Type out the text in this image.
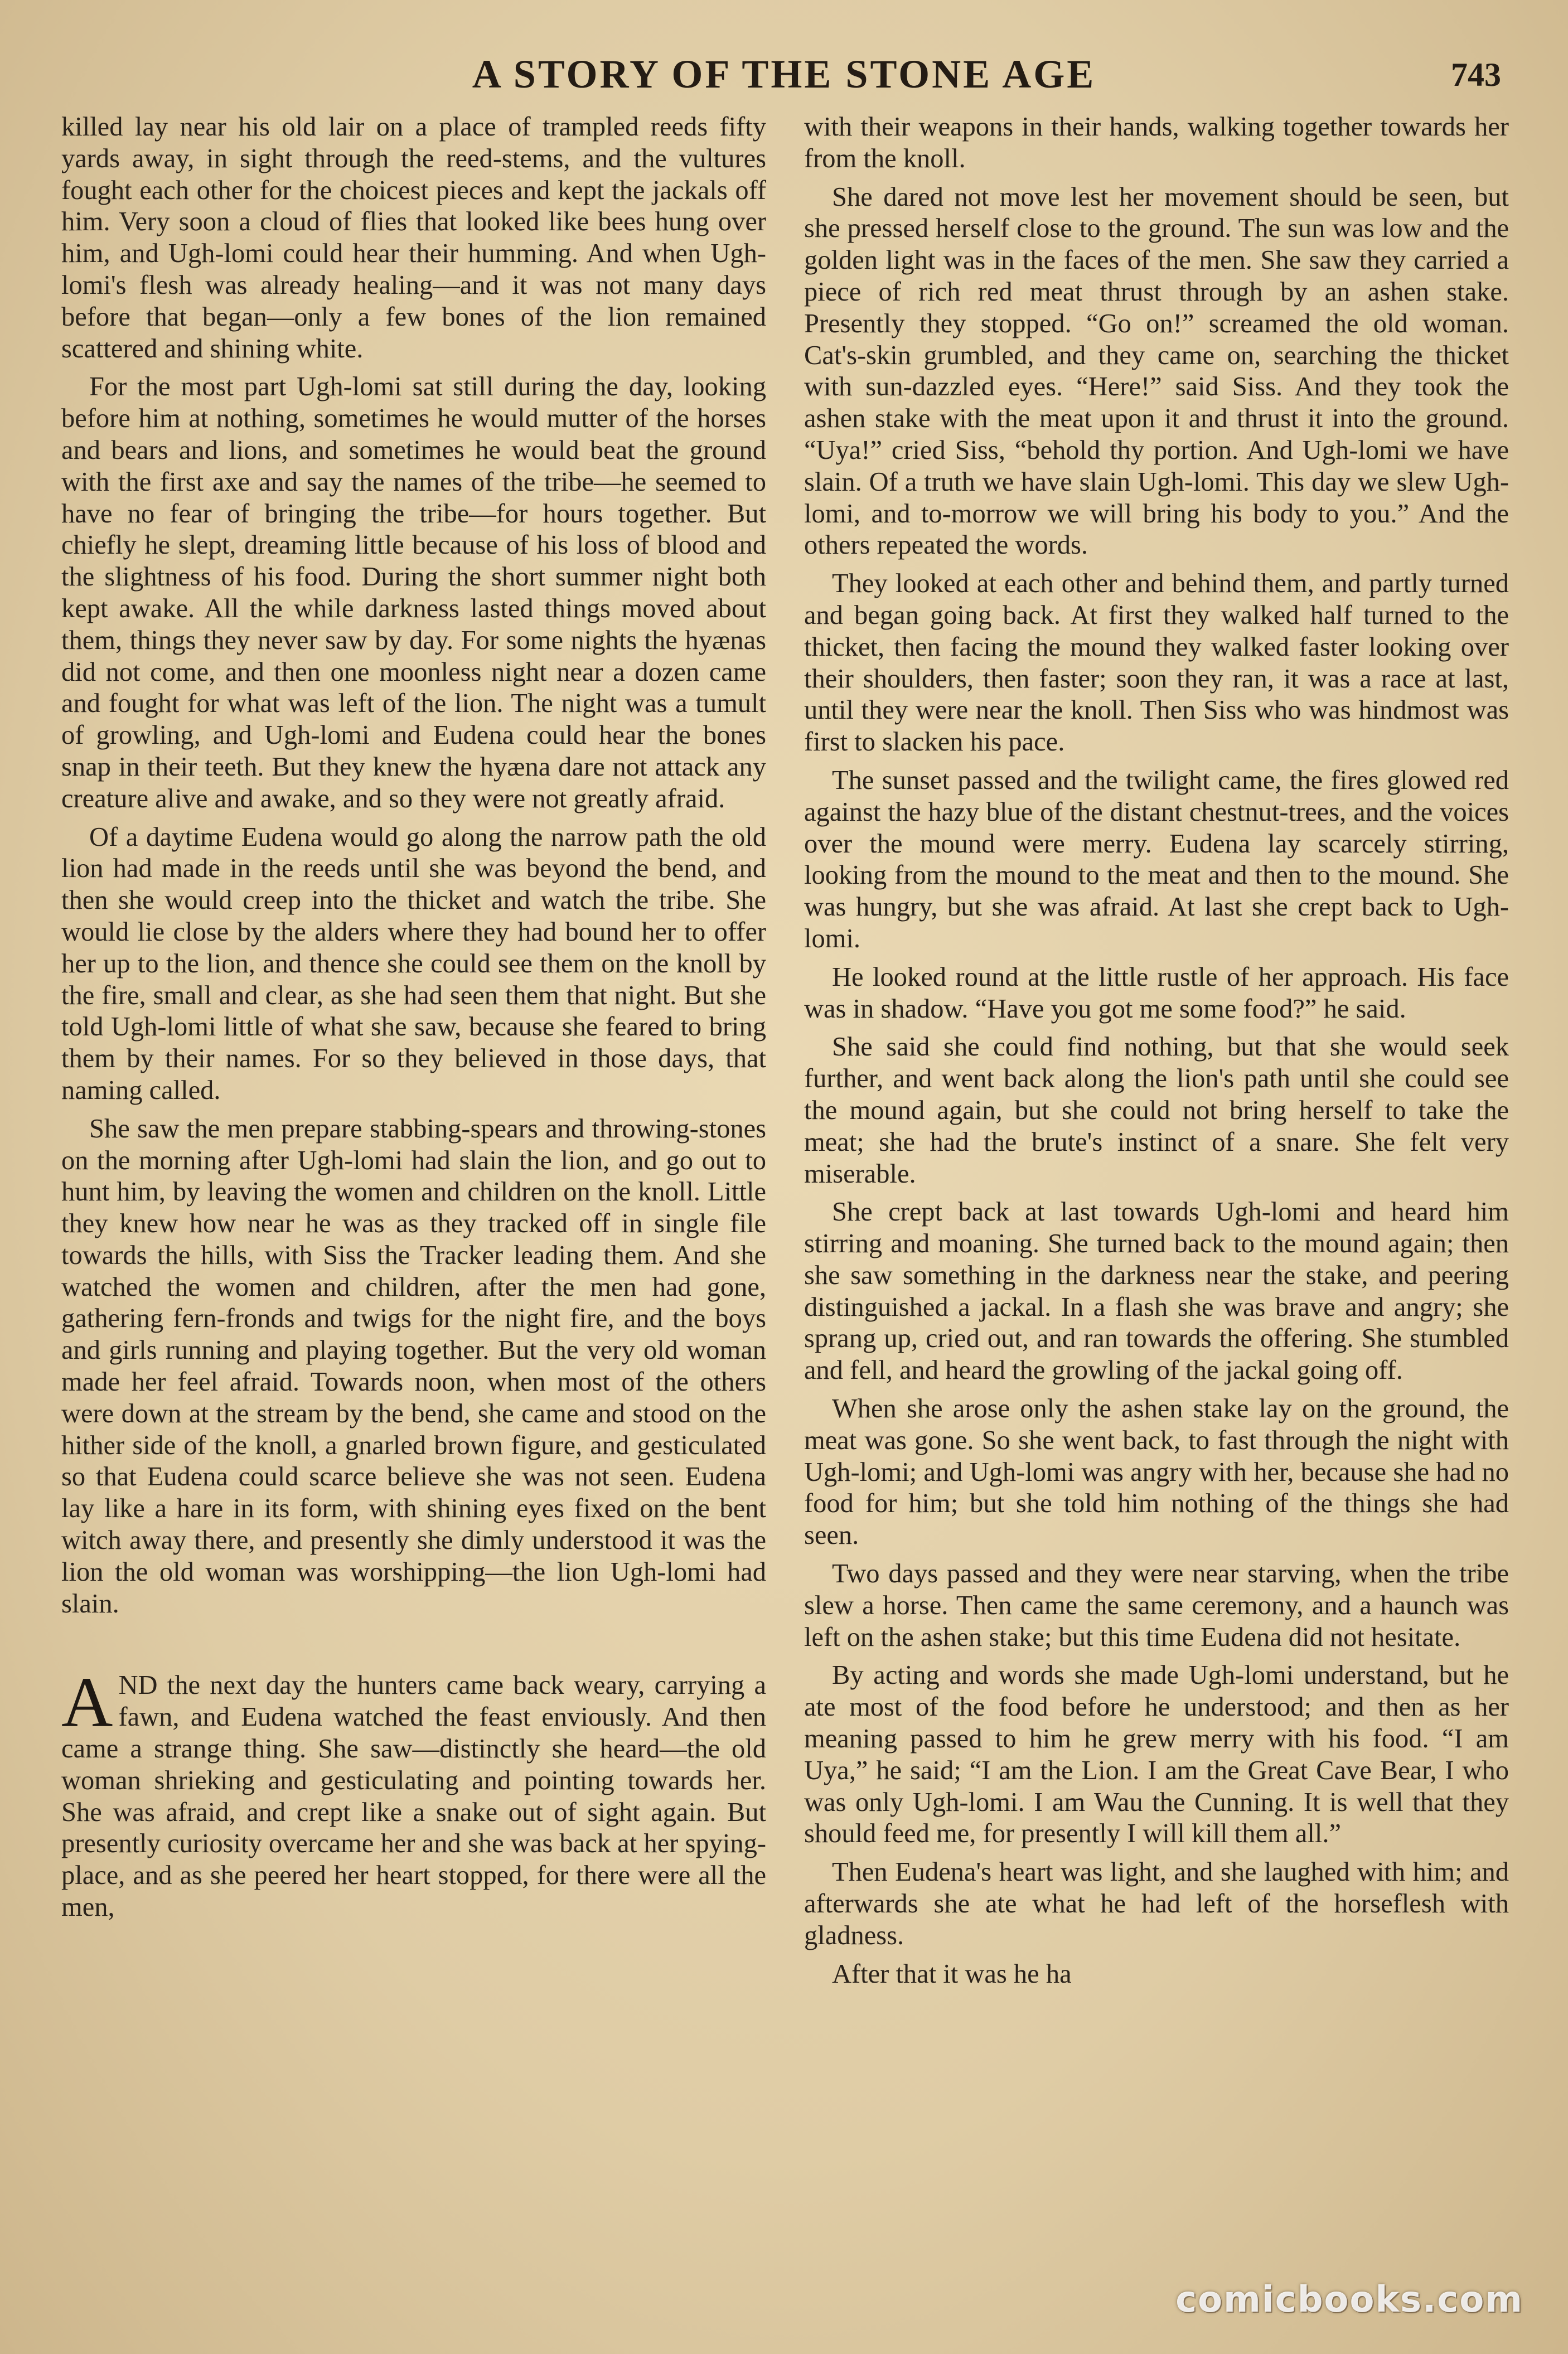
A STORY OF THE STONE AGE	743

killed lay near his old lair on a place of trampled reeds fifty yards away, in sight through the reed-stems, and the vultures fought each other for the choicest pieces and kept the jackals off him. Very soon a cloud of flies that looked like bees hung over him, and Ugh-lomi could hear their humming. And when Ugh-lomi's flesh was already healing—and it was not many days before that began—only a few bones of the lion remained scattered and shining white.

For the most part Ugh-lomi sat still during the day, looking before him at nothing, sometimes he would mutter of the horses and bears and lions, and sometimes he would beat the ground with the first axe and say the names of the tribe—he seemed to have no fear of bringing the tribe—for hours together. But chiefly he slept, dreaming little because of his loss of blood and the slightness of his food. During the short summer night both kept awake. All the while darkness lasted things moved about them, things they never saw by day. For some nights the hyænas did not come, and then one moonless night near a dozen came and fought for what was left of the lion. The night was a tumult of growling, and Ugh-lomi and Eudena could hear the bones snap in their teeth. But they knew the hyæna dare not attack any creature alive and awake, and so they were not greatly afraid.

Of a daytime Eudena would go along the narrow path the old lion had made in the reeds until she was beyond the bend, and then she would creep into the thicket and watch the tribe. She would lie close by the alders where they had bound her to offer her up to the lion, and thence she could see them on the knoll by the fire, small and clear, as she had seen them that night. But she told Ugh-lomi little of what she saw, because she feared to bring them by their names. For so they believed in those days, that naming called.

She saw the men prepare stabbing-spears and throwing-stones on the morning after Ugh-lomi had slain the lion, and go out to hunt him, by leaving the women and children on the knoll. Little they knew how near he was as they tracked off in single file towards the hills, with Siss the Tracker leading them. And she watched the women and children, after the men had gone, gathering fern-fronds and twigs for the night fire, and the boys and girls running and playing together. But the very old woman made her feel afraid. Towards noon, when most of the others were down at the stream by the bend, she came and stood on the hither side of the knoll, a gnarled brown figure, and gesticulated so that Eudena could scarce believe she was not seen. Eudena lay like a hare in its form, with shining eyes fixed on the bent witch away there, and presently she dimly understood it was the lion the old woman was worshipping—the lion Ugh-lomi had slain.

AND the next day the hunters came back weary, carrying a fawn, and Eudena watched the feast enviously. And then came a strange thing. She saw—distinctly she heard—the old woman shrieking and gesticulating and pointing towards her. She was afraid, and crept like a snake out of sight again. But presently curiosity overcame her and she was back at her spying-place, and as she peered her heart stopped, for there were all the men,

with their weapons in their hands, walking together towards her from the knoll.

She dared not move lest her movement should be seen, but she pressed herself close to the ground. The sun was low and the golden light was in the faces of the men. She saw they carried a piece of rich red meat thrust through by an ashen stake. Presently they stopped. “Go on!” screamed the old woman. Cat's-skin grumbled, and they came on, searching the thicket with sun-dazzled eyes. “Here!” said Siss. And they took the ashen stake with the meat upon it and thrust it into the ground. “Uya!” cried Siss, “behold thy portion. And Ugh-lomi we have slain. Of a truth we have slain Ugh-lomi. This day we slew Ugh-lomi, and to-morrow we will bring his body to you.” And the others repeated the words.

They looked at each other and behind them, and partly turned and began going back. At first they walked half turned to the thicket, then facing the mound they walked faster looking over their shoulders, then faster; soon they ran, it was a race at last, until they were near the knoll. Then Siss who was hindmost was first to slacken his pace.

The sunset passed and the twilight came, the fires glowed red against the hazy blue of the distant chestnut-trees, and the voices over the mound were merry. Eudena lay scarcely stirring, looking from the mound to the meat and then to the mound. She was hungry, but she was afraid. At last she crept back to Ugh-lomi.

He looked round at the little rustle of her approach. His face was in shadow. “Have you got me some food?” he said.

She said she could find nothing, but that she would seek further, and went back along the lion's path until she could see the mound again, but she could not bring herself to take the meat; she had the brute's instinct of a snare. She felt very miserable.

She crept back at last towards Ugh-lomi and heard him stirring and moaning. She turned back to the mound again; then she saw something in the darkness near the stake, and peering distinguished a jackal. In a flash she was brave and angry; she sprang up, cried out, and ran towards the offering. She stumbled and fell, and heard the growling of the jackal going off.

When she arose only the ashen stake lay on the ground, the meat was gone. So she went back, to fast through the night with Ugh-lomi; and Ugh-lomi was angry with her, because she had no food for him; but she told him nothing of the things she had seen.

Two days passed and they were near starving, when the tribe slew a horse. Then came the same ceremony, and a haunch was left on the ashen stake; but this time Eudena did not hesitate.

By acting and words she made Ugh-lomi understand, but he ate most of the food before he understood; and then as her meaning passed to him he grew merry with his food. “I am Uya,” he said; “I am the Lion. I am the Great Cave Bear, I who was only Ugh-lomi. I am Wau the Cunning. It is well that they should feed me, for presently I will kill them all.”

Then Eudena's heart was light, and she laughed with him; and afterwards she ate what he had left of the horseflesh with gladness.

After that it was he ha

comicbooks.com
